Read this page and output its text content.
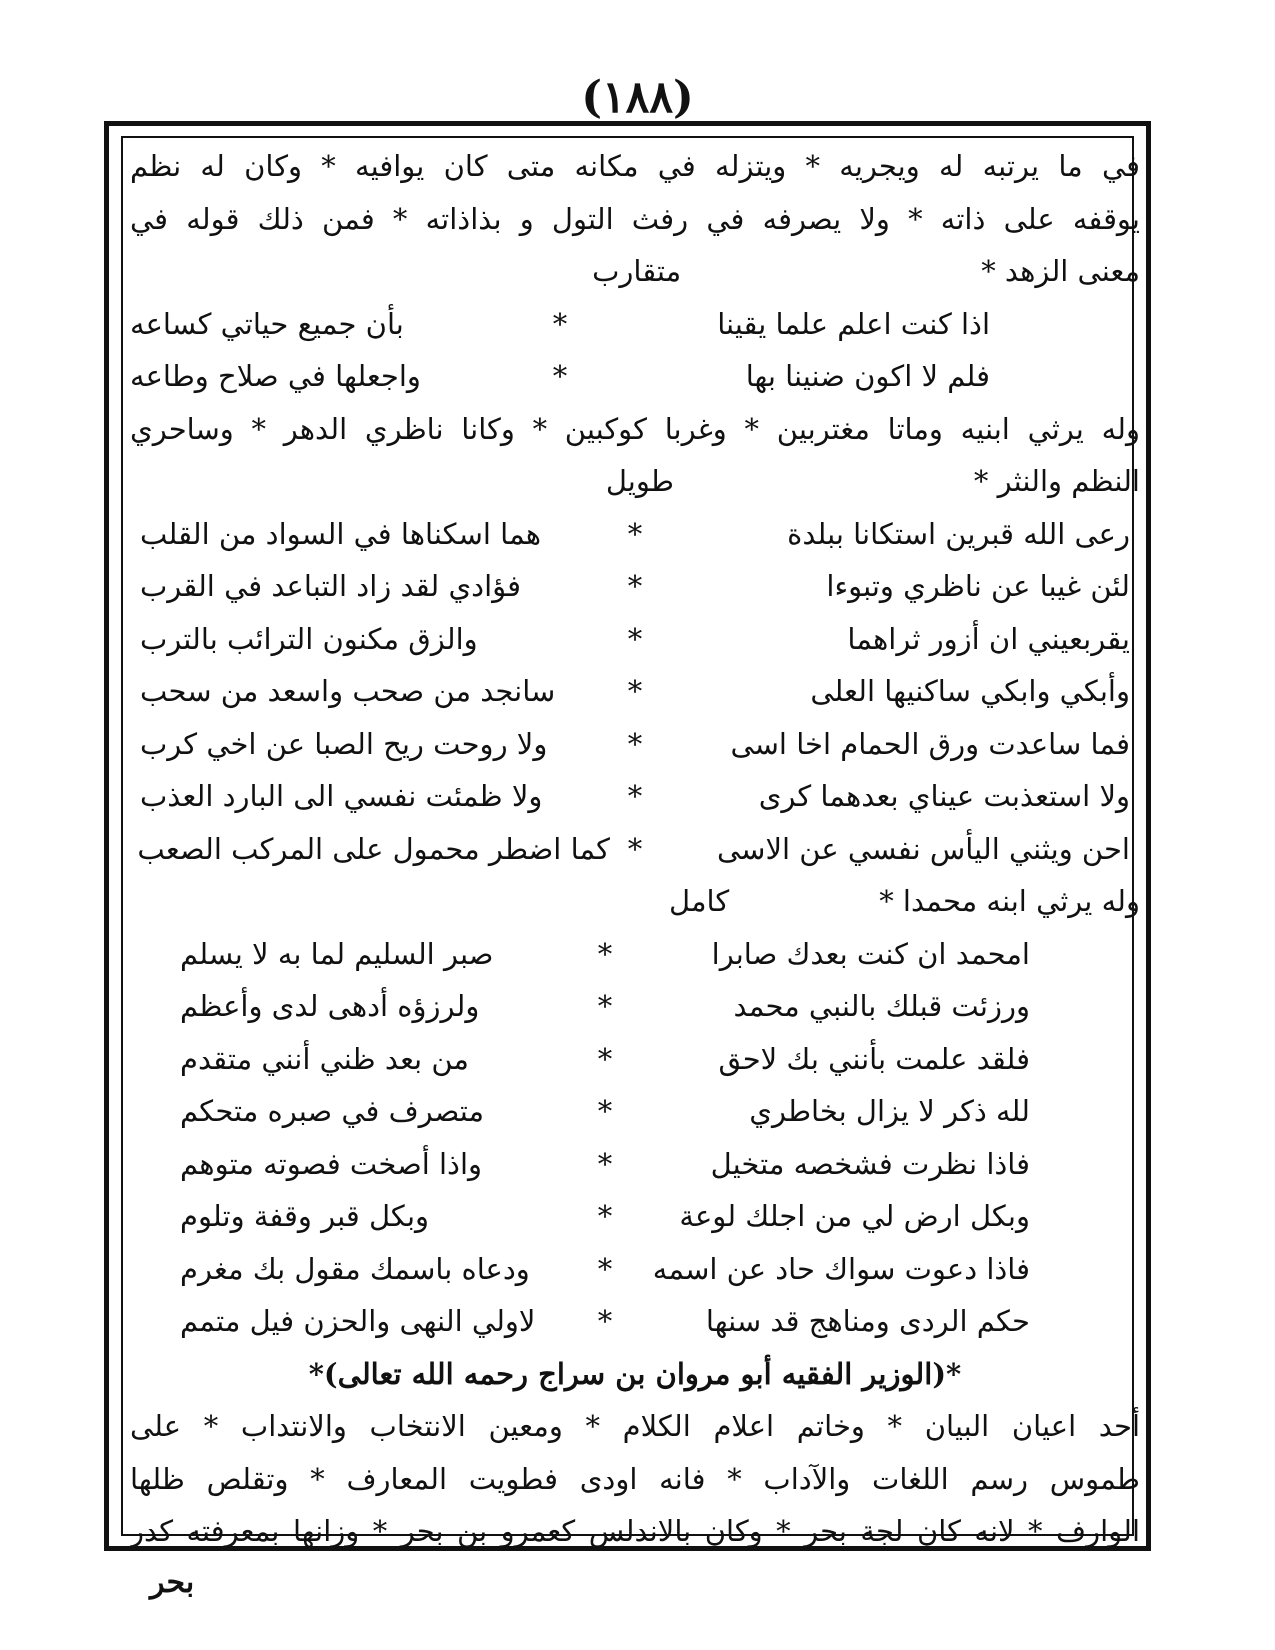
(١٨٨)
في ما يرتبه له ويجريه * ويتزله في مكانه متى كان يوافيه * وكان له نظم
يوقفه على ذاته * ولا يصرفه في رفث التول و بذاذاته * فمن ذلك قوله في
معنى الزهد *
متقارب
اذا كنت اعلم علما يقينا
*
بأن جميع حياتي كساعه
فلم لا اكون ضنينا بها
*
واجعلها في صلاح وطاعه
وله يرثي ابنيه وماتا مغتربين * وغربا كوكبين * وكانا ناظري الدهر * وساحري
النظم والنثر *
طويل
رعى الله قبرين استكانا ببلدة
*
هما اسكناها في السواد من القلب
لئن غيبا عن ناظري وتبوءا
*
فؤادي لقد زاد التباعد في القرب
يقربعيني ان أزور ثراهما
*
والزق مكنون الترائب بالترب
وأبكي وابكي ساكنيها العلى
*
سانجد من صحب واسعد من سحب
فما ساعدت ورق الحمام اخا اسى
*
ولا روحت ريح الصبا عن اخي كرب
ولا استعذبت عيناي بعدهما كرى
*
ولا ظمئت نفسي الى البارد العذب
احن ويثني اليأس نفسي عن الاسى
*
كما اضطر محمول على المركب الصعب
وله يرثي ابنه محمدا *
كامل
امحمد ان كنت بعدك صابرا
*
صبر السليم لما به لا يسلم
ورزئت قبلك بالنبي محمد
*
ولرزؤه أدهى لدى وأعظم
فلقد علمت بأنني بك لاحق
*
من بعد ظني أنني متقدم
لله ذكر لا يزال بخاطري
*
متصرف في صبره متحكم
فاذا نظرت فشخصه متخيل
*
واذا أصخت فصوته متوهم
وبكل ارض لي من اجلك لوعة
*
وبكل قبر وقفة وتلوم
فاذا دعوت سواك حاد عن اسمه
*
ودعاه باسمك مقول بك مغرم
حكم الردى ومناهج قد سنها
*
لاولي النهى والحزن فيل متمم
*(الوزير الفقيه أبو مروان بن سراج رحمه الله تعالى)*
أحد اعيان البيان * وخاتم اعلام الكلام * ومعين الانتخاب والانتداب * على
طموس رسم اللغات والآداب * فانه اودى فطويت المعارف * وتقلص ظلها
الوارف * لانه كان لجة بحر * وكان بالاندلس كعمرو بن بحر * وزانها بمعرفته كدر
بحر
